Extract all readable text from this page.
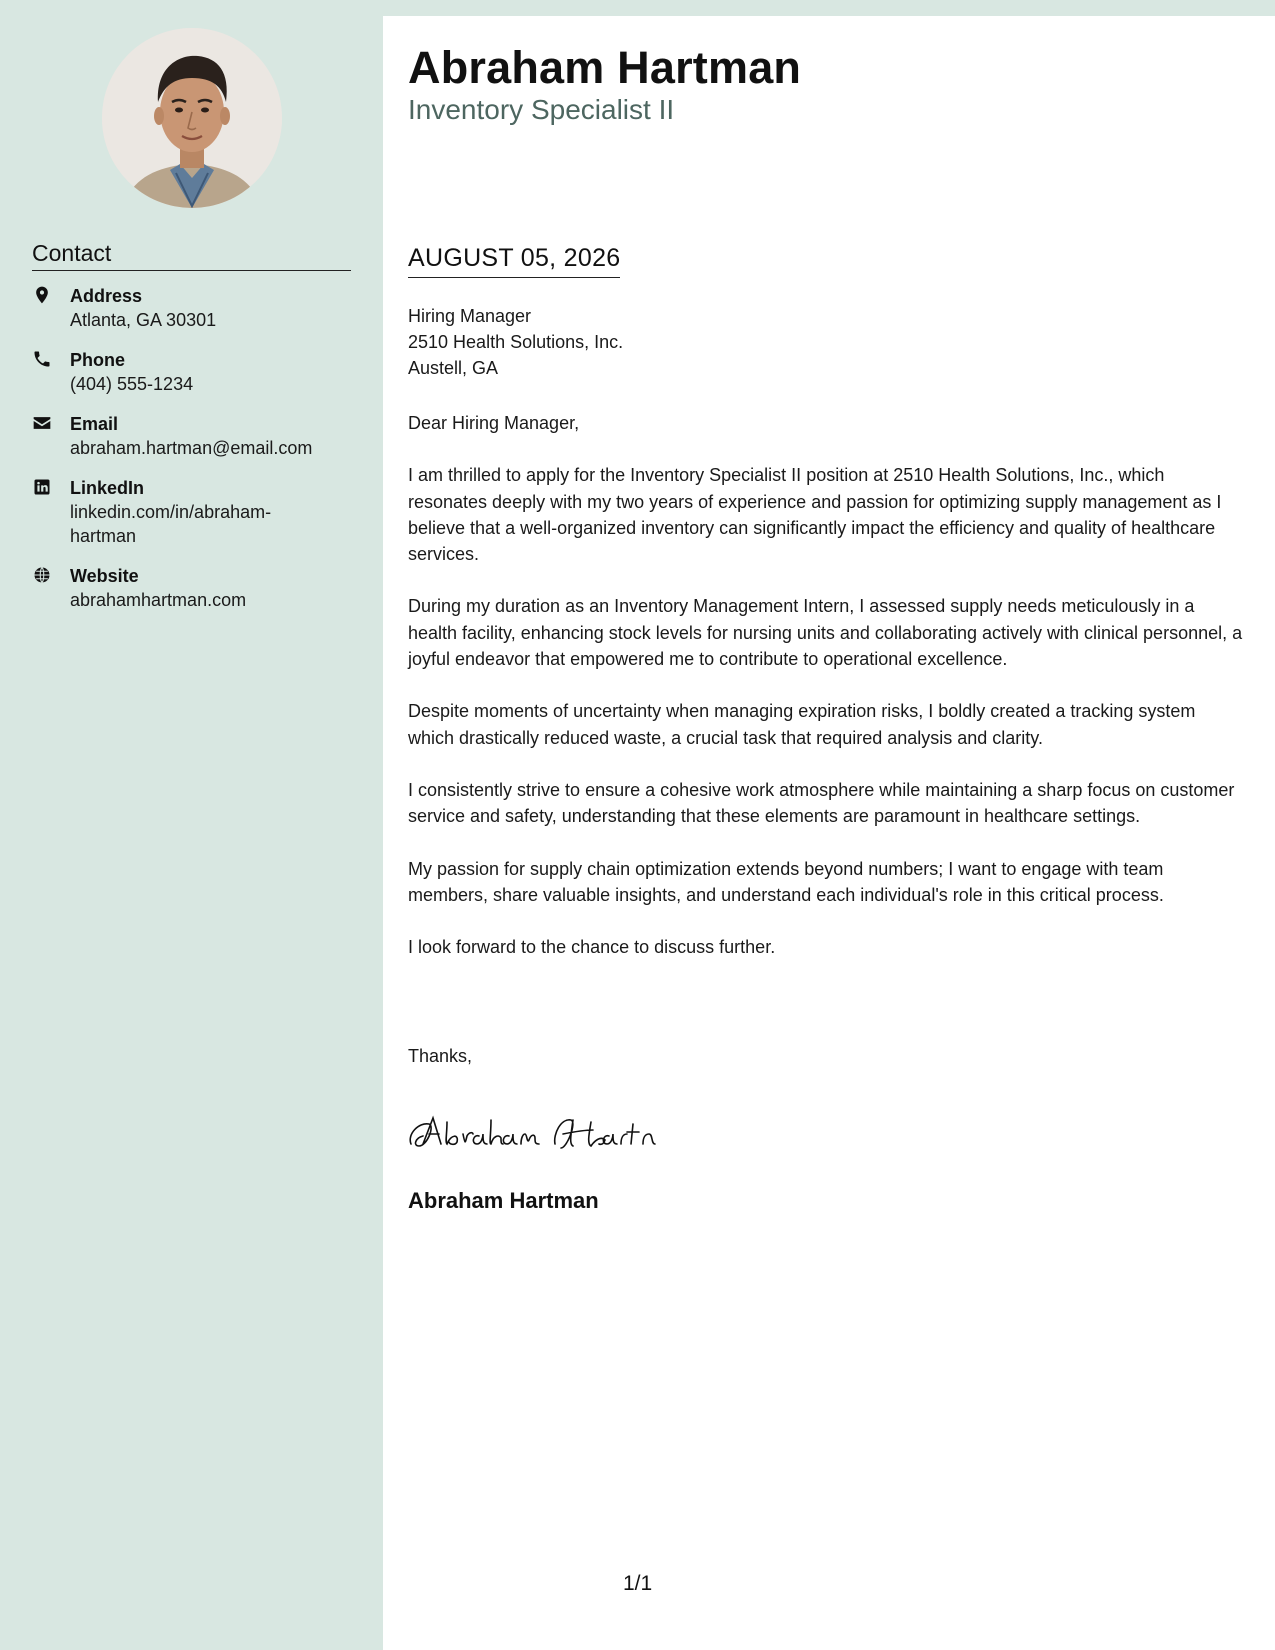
Contact
Address
Atlanta, GA 30301
Phone
(404) 555-1234
Email
abraham.hartman@email.com
LinkedIn
linkedin.com/in/abraham-hartman
Website
abrahamhartman.com
Abraham Hartman
Inventory Specialist II
AUGUST 05, 2026
Hiring Manager
2510 Health Solutions, Inc.
Austell, GA

Dear Hiring Manager,

I am thrilled to apply for the Inventory Specialist II position at 2510 Health Solutions, Inc., which resonates deeply with my two years of experience and passion for optimizing supply management as I believe that a well-organized inventory can significantly impact the efficiency and quality of healthcare services.

During my duration as an Inventory Management Intern, I assessed supply needs meticulously in a health facility, enhancing stock levels for nursing units and collaborating actively with clinical personnel, a joyful endeavor that empowered me to contribute to operational excellence.

Despite moments of uncertainty when managing expiration risks, I boldly created a tracking system which drastically reduced waste, a crucial task that required analysis and clarity.

I consistently strive to ensure a cohesive work atmosphere while maintaining a sharp focus on customer service and safety, understanding that these elements are paramount in healthcare settings.

My passion for supply chain optimization extends beyond numbers; I want to engage with team members, share valuable insights, and understand each individual's role in this critical process.

I look forward to the chance to discuss further.

Thanks,
Abraham Hartman
1/1
